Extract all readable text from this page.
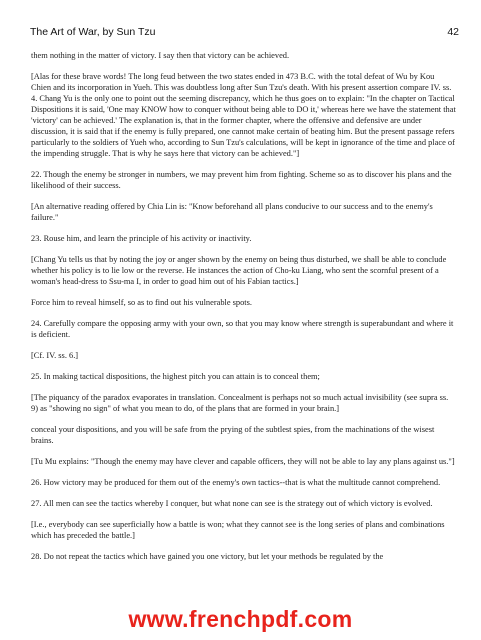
The Art of War, by Sun Tzu	42

them nothing in the matter of victory. I say then that victory can be achieved.

[Alas for these brave words! The long feud between the two states ended in 473 B.C. with the total defeat of Wu by Kou Chien and its incorporation in Yueh. This was doubtless long after Sun Tzu's death. With his present assertion compare IV. ss. 4. Chang Yu is the only one to point out the seeming discrepancy, which he thus goes on to explain: "In the chapter on Tactical Dispositions it is said, 'One may KNOW how to conquer without being able to DO it,' whereas here we have the statement that 'victory' can be achieved.' The explanation is, that in the former chapter, where the offensive and defensive are under discussion, it is said that if the enemy is fully prepared, one cannot make certain of beating him. But the present passage refers particularly to the soldiers of Yueh who, according to Sun Tzu's calculations, will be kept in ignorance of the time and place of the impending struggle. That is why he says here that victory can be achieved."]

22. Though the enemy be stronger in numbers, we may prevent him from fighting. Scheme so as to discover his plans and the likelihood of their success.

[An alternative reading offered by Chia Lin is: "Know beforehand all plans conducive to our success and to the enemy's failure."

23. Rouse him, and learn the principle of his activity or inactivity.

[Chang Yu tells us that by noting the joy or anger shown by the enemy on being thus disturbed, we shall be able to conclude whether his policy is to lie low or the reverse. He instances the action of Cho-ku Liang, who sent the scornful present of a woman's head-dress to Ssu-ma I, in order to goad him out of his Fabian tactics.]

Force him to reveal himself, so as to find out his vulnerable spots.

24. Carefully compare the opposing army with your own, so that you may know where strength is superabundant and where it is deficient.

[Cf. IV. ss. 6.]

25. In making tactical dispositions, the highest pitch you can attain is to conceal them;

[The piquancy of the paradox evaporates in translation. Concealment is perhaps not so much actual invisibility (see supra ss. 9) as "showing no sign" of what you mean to do, of the plans that are formed in your brain.]

conceal your dispositions, and you will be safe from the prying of the subtlest spies, from the machinations of the wisest brains.

[Tu Mu explains: "Though the enemy may have clever and capable officers, they will not be able to lay any plans against us."]

26. How victory may be produced for them out of the enemy's own tactics--that is what the multitude cannot comprehend.

27. All men can see the tactics whereby I conquer, but what none can see is the strategy out of which victory is evolved.

[I.e., everybody can see superficially how a battle is won; what they cannot see is the long series of plans and combinations which has preceded the battle.]

28. Do not repeat the tactics which have gained you one victory, but let your methods be regulated by the

www.frenchpdf.com
